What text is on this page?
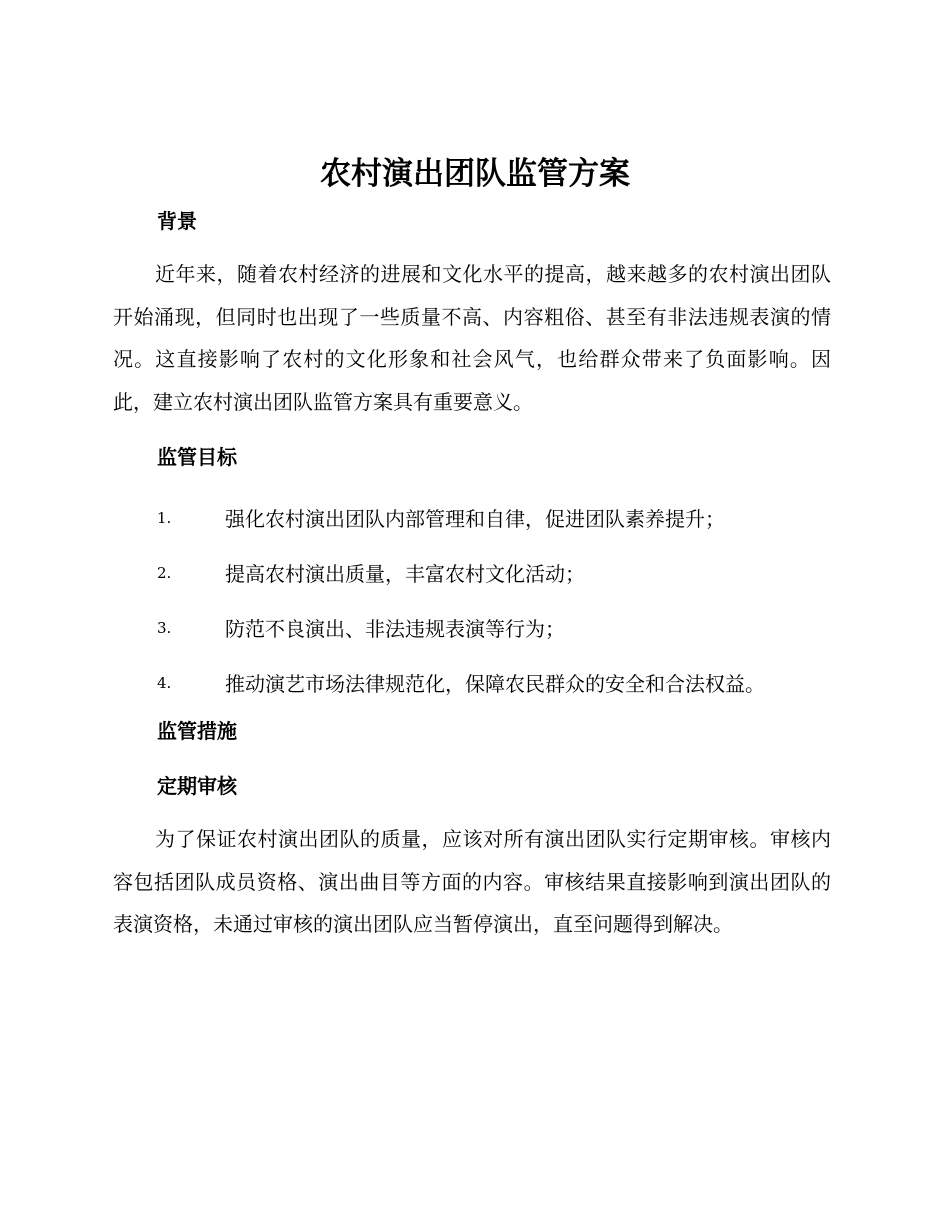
农村演出团队监管方案
背景
近年来，随着农村经济的进展和文化水平的提高，越来越多的农村演出团队开始涌现，但同时也出现了一些质量不高、内容粗俗、甚至有非法违规表演的情况。这直接影响了农村的文化形象和社会风气，也给群众带来了负面影响。因此，建立农村演出团队监管方案具有重要意义。
监管目标
1.	强化农村演出团队内部管理和自律，促进团队素养提升；
2.	提高农村演出质量，丰富农村文化活动；
3.	防范不良演出、非法违规表演等行为；
4.	推动演艺市场法律规范化，保障农民群众的安全和合法权益。
监管措施
定期审核
为了保证农村演出团队的质量，应该对所有演出团队实行定期审核。审核内容包括团队成员资格、演出曲目等方面的内容。审核结果直接影响到演出团队的表演资格，未通过审核的演出团队应当暂停演出，直至问题得到解决。
